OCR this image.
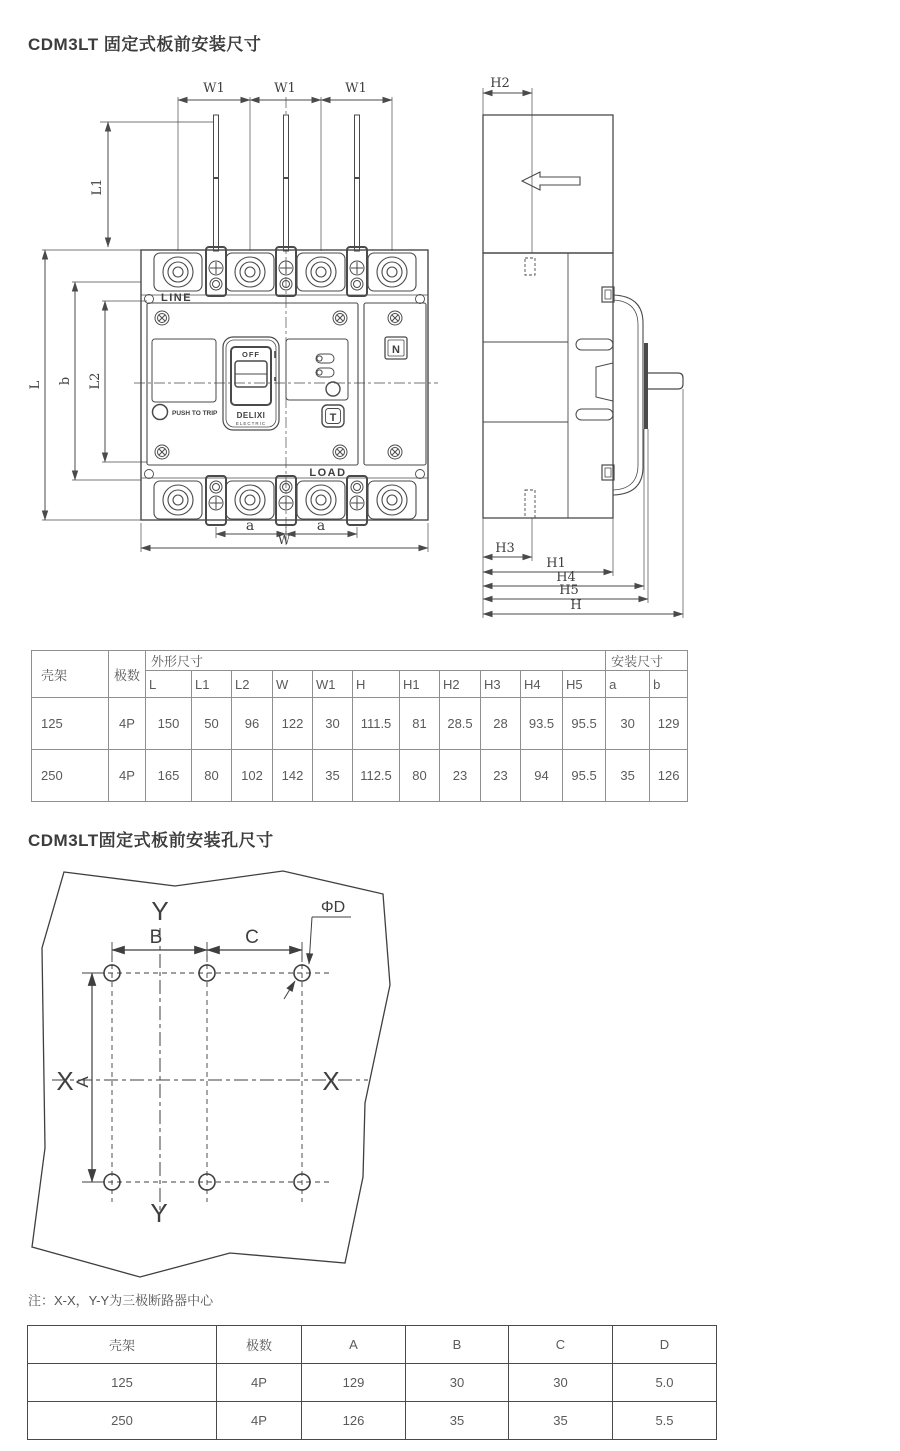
CDM3LT 固定式板前安装尺寸
W1	W1	W1
L1
L b L2
LINE
OFF
DELIXI
ELECTRIC	T
N
PUSH TO TRIP
LOAD
a	a
W
H2
H3
H1
H4
H5
H
壳架	极数	外形尺寸											安装尺寸	
		L	L1	L2	W	W1	H	H1	H2	H3	H4	H5	a	b
125	4P	150	50	96	122	30	111.5	81	28.5	28	93.5	95.5	30	129
250	4P	165	80	102	142	35	112.5	80	23	23	94	95.5	35	126
CDM3LT固定式板前安装孔尺寸
B	C
A
ΦD
Y
Y
X	X
注：X-X，Y-Y为三极断路器中心
壳架	极数	A	B	C	D
125	4P	129	30	30	5.0
250	4P	126	35	35	5.5
